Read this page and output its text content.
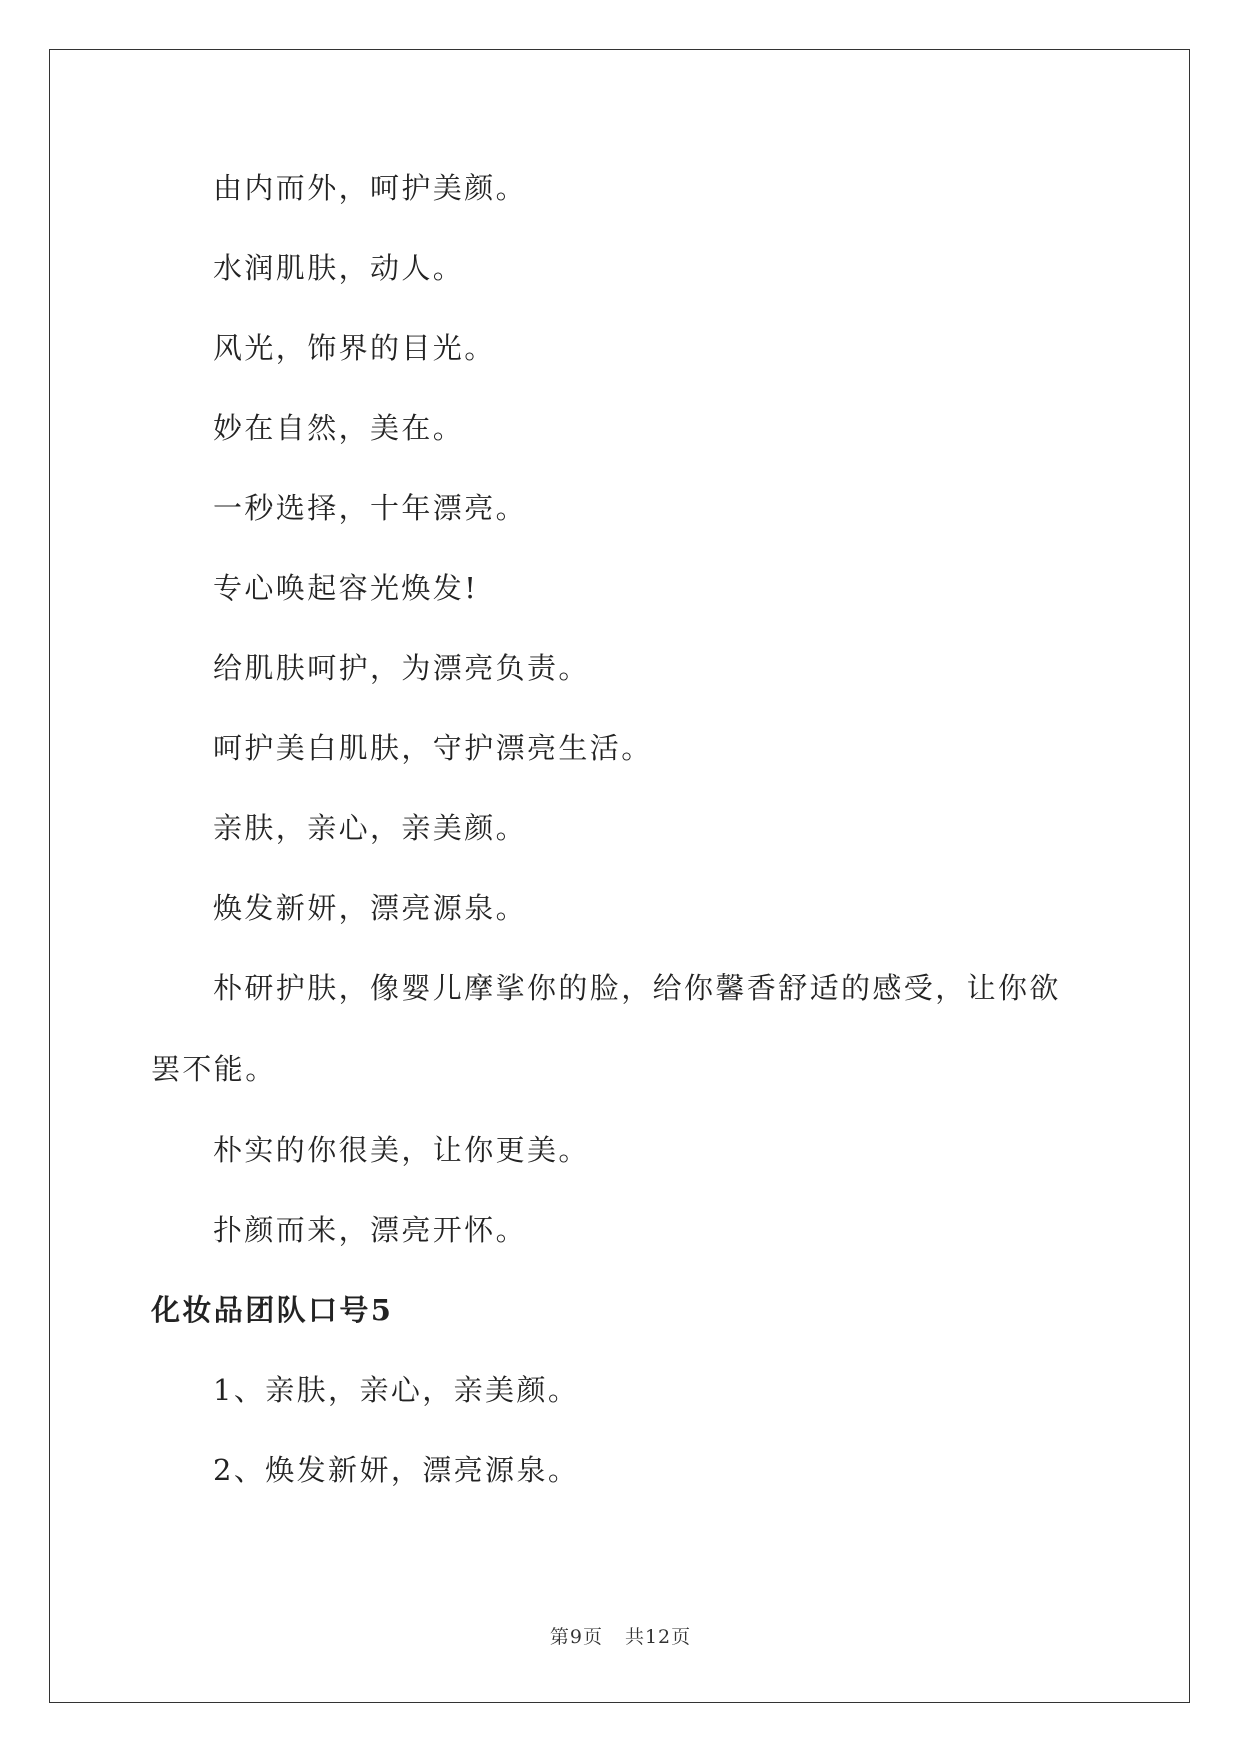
由内而外，呵护美颜。

水润肌肤，动人。

风光，饰界的目光。

妙在自然，美在。

一秒选择，十年漂亮。

专心唤起容光焕发!

给肌肤呵护，为漂亮负责。

呵护美白肌肤，守护漂亮生活。

亲肤，亲心，亲美颜。

焕发新妍，漂亮源泉。

朴研护肤，像婴儿摩挲你的脸，给你馨香舒适的感受，让你欲罢不能。

朴实的你很美，让你更美。

扑颜而来，漂亮开怀。

化妆品团队口号5

1、亲肤，亲心，亲美颜。

2、焕发新妍，漂亮源泉。

第9页 共12页
